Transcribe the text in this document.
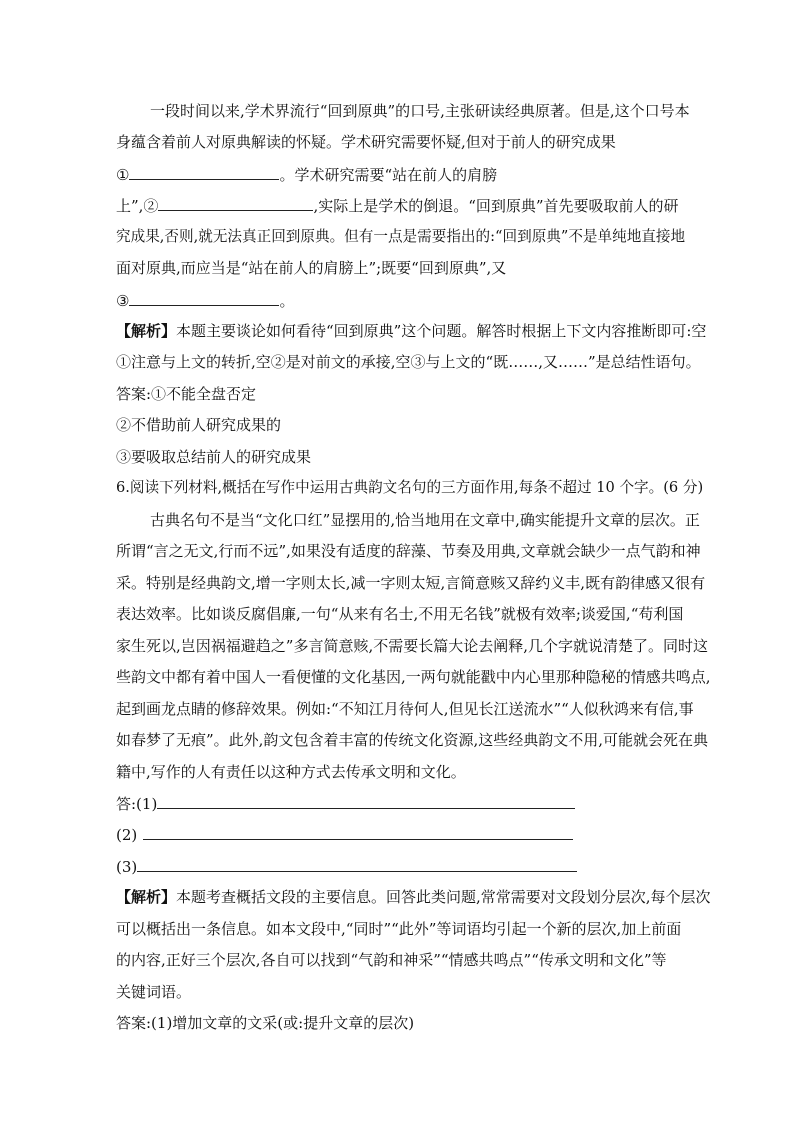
一段时间以来,学术界流行“回到原典”的口号,主张研读经典原著。但是,这个口号本
身蕴含着前人对原典解读的怀疑。学术研究需要怀疑,但对于前人的研究成果
①	。学术研究需要“站在前人的肩膀
上”,②	,实际上是学术的倒退。“回到原典”首先要吸取前人的研
究成果,否则,就无法真正回到原典。但有一点是需要指出的:“回到原典”不是单纯地直接地
面对原典,而应当是“站在前人的肩膀上”;既要“回到原典”,又
③	。
【解析】本题主要谈论如何看待“回到原典”这个问题。解答时根据上下文内容推断即可:空
①注意与上文的转折,空②是对前文的承接,空③与上文的“既……,又……”是总结性语句。
答案:①不能全盘否定
②不借助前人研究成果的
③要吸取总结前人的研究成果
6.阅读下列材料,概括在写作中运用古典韵文名句的三方面作用,每条不超过 10 个字。(6 分)
古典名句不是当“文化口红”显摆用的,恰当地用在文章中,确实能提升文章的层次。正
所谓“言之无文,行而不远”,如果没有适度的辞藻、节奏及用典,文章就会缺少一点气韵和神
采。特别是经典韵文,增一字则太长,减一字则太短,言简意赅又辞约义丰,既有韵律感又很有
表达效率。比如谈反腐倡廉,一句“从来有名士,不用无名钱”就极有效率;谈爱国,“苟利国
家生死以,岂因祸福避趋之”多言简意赅,不需要长篇大论去阐释,几个字就说清楚了。同时这
些韵文中都有着中国人一看便懂的文化基因,一两句就能戳中内心里那种隐秘的情感共鸣点,
起到画龙点睛的修辞效果。例如:“不知江月待何人,但见长江送流水”“人似秋鸿来有信,事
如春梦了无痕”。此外,韵文包含着丰富的传统文化资源,这些经典韵文不用,可能就会死在典
籍中,写作的人有责任以这种方式去传承文明和文化。
答:(1)
(2)
(3)
【解析】本题考查概括文段的主要信息。回答此类问题,常常需要对文段划分层次,每个层次
可以概括出一条信息。如本文段中,“同时”“此外”等词语均引起一个新的层次,加上前面
的内容,正好三个层次,各自可以找到“气韵和神采”“情感共鸣点”“传承文明和文化”等
关键词语。
答案:(1)增加文章的文采(或:提升文章的层次)
